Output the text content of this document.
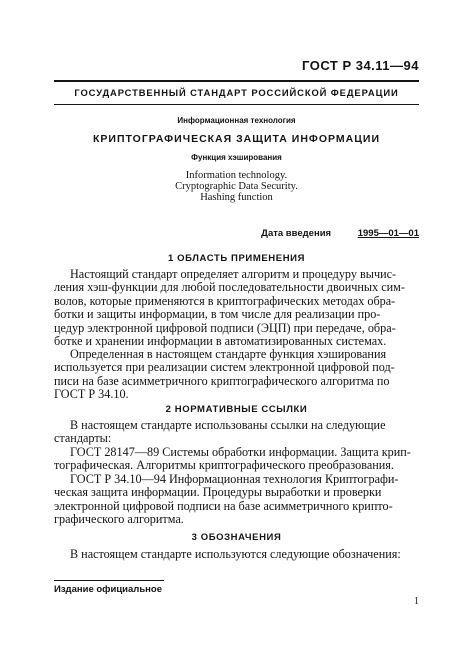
ГОСТ Р 34.11—94
ГОСУДАРСТВЕННЫЙ СТАНДАРТ РОССИЙСКОЙ ФЕДЕРАЦИИ
Информационная технология
КРИПТОГРАФИЧЕСКАЯ ЗАЩИТА ИНФОРМАЦИИ
Функция хэширования
Information technology.
Cryptographic Data Security.
Hashing function
Дата введения	1995—01—01
1 ОБЛАСТЬ ПРИМЕНЕНИЯ
Настоящий стандарт определяет алгоритм и процедуру вычис-
ления хэш-функции для любой последовательности двоичных сим-
волов, которые применяются в криптографических методах обра-
ботки и защиты информации, в том числе для реализации про-
цедур электронной цифровой подписи (ЭЦП) при передаче, обра-
ботке и хранении информации в автоматизированных системах.
Определенная в настоящем стандарте функция хэширования
используется при реализации систем электронной цифровой под-
писи на базе асимметричного криптографического алгоритма по
ГОСТ Р 34.10.
2 НОРМАТИВНЫЕ ССЫЛКИ
В настоящем стандарте использованы ссылки на следующие
стандарты:
ГОСТ 28147—89 Системы обработки информации. Защита крип-
тографическая. Алгоритмы криптографического преобразования.
ГОСТ Р 34.10—94 Информационная технология Криптографи-
ческая защита информации. Процедуры выработки и проверки
электронной цифровой подписи на базе асимметричного крипто-
графического алгоритма.
3 ОБОЗНАЧЕНИЯ
В настоящем стандарте используются следующие обозначения:
Издание официальное
1
